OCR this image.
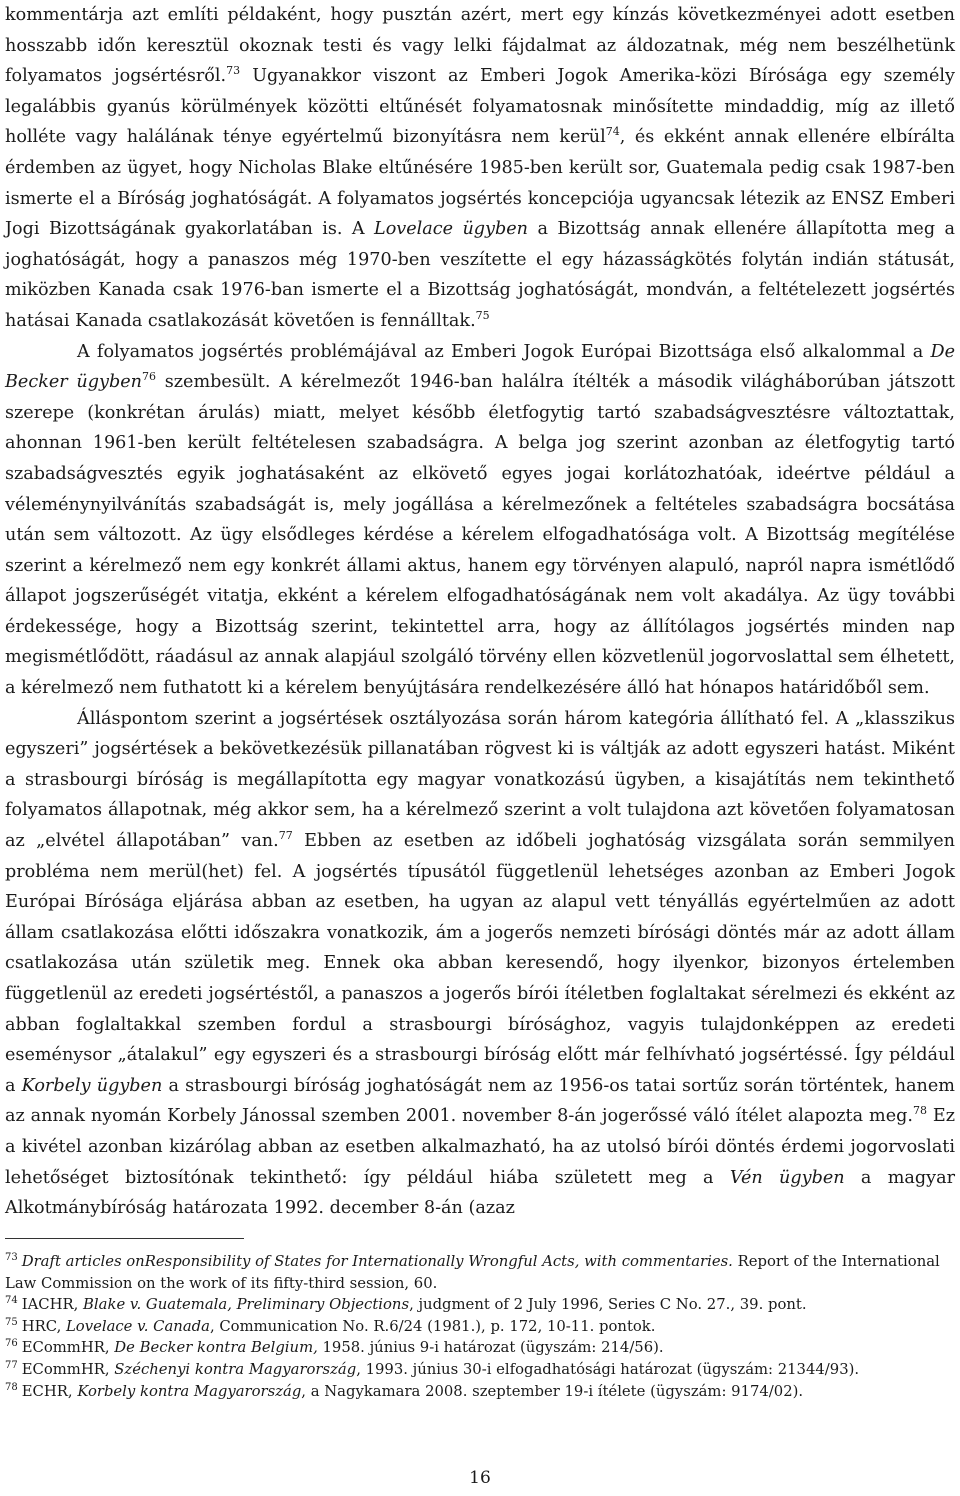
kommentárja azt említi példaként, hogy pusztán azért, mert egy kínzás következményei adott esetben hosszabb időn keresztül okoznak testi és vagy lelki fájdalmat az áldozatnak, még nem beszélhetünk folyamatos jogsértésről.$^{73}$ Ugyanakkor viszont az Emberi Jogok Amerika-közi Bírósága egy személy legalábbis gyanús körülmények közötti eltűnését folyamatosnak minősítette mindaddig, míg az illető holléte vagy halálának ténye egyértelmű bizonyításra nem kerül$^{74}$, és ekként annak ellenére elbírálta érdemben az ügyet, hogy Nicholas Blake eltűnésére 1985-ben került sor, Guatemala pedig csak 1987-ben ismerte el a Bíróság joghatóságát. A folyamatos jogsértés koncepciója ugyancsak létezik az ENSZ Emberi Jogi Bizottságának gyakorlatában is. A Lovelace ügyben a Bizottság annak ellenére állapította meg a joghatóságát, hogy a panaszos még 1970-ben veszítette el egy házasságkötés folytán indián státusát, miközben Kanada csak 1976-ban ismerte el a Bizottság joghatóságát, mondván, a feltételezett jogsértés hatásai Kanada csatlakozását követően is fennálltak.$^{75}$

A folyamatos jogsértés problémájával az Emberi Jogok Európai Bizottsága első alkalommal a De Becker ügyben$^{76}$ szembesült. A kérelmezőt 1946-ban halálra ítélték a második világháborúban játszott szerepe (konkrétan árulás) miatt, melyet később életfogytig tartó szabadságvesztésre változtattak, ahonnan 1961-ben került feltételesen szabadságra. A belga jog szerint azonban az életfogytig tartó szabadságvesztés egyik joghatásaként az elkövető egyes jogai korlátozhatóak, ideértve például a véleménynyilvánítás szabadságát is, mely jogállása a kérelmezőnek a feltételes szabadságra bocsátása után sem változott. Az ügy elsődleges kérdése a kérelem elfogadhatósága volt. A Bizottság megítélése szerint a kérelmező nem egy konkrét állami aktus, hanem egy törvényen alapuló, napról napra ismétlődő állapot jogszerűségét vitatja, ekként a kérelem elfogadhatóságának nem volt akadálya. Az ügy további érdekessége, hogy a Bizottság szerint, tekintettel arra, hogy az állítólagos jogsértés minden nap megismétlődött, ráadásul az annak alapjául szolgáló törvény ellen közvetlenül jogorvoslattal sem élhetett, a kérelmező nem futhatott ki a kérelem benyújtására rendelkezésére álló hat hónapos határidőből sem.

Álláspontom szerint a jogsértések osztályozása során három kategória állítható fel. A „klasszikus egyszeri” jogsértések a bekövetkezésük pillanatában rögvest ki is váltják az adott egyszeri hatást. Miként a strasbourgi bíróság is megállapította egy magyar vonatkozású ügyben, a kisajátítás nem tekinthető folyamatos állapotnak, még akkor sem, ha a kérelmező szerint a volt tulajdona azt követően folyamatosan az „elvétel állapotában” van.$^{77}$ Ebben az esetben az időbeli joghatóság vizsgálata során semmilyen probléma nem merül(het) fel. A jogsértés típusától függetlenül lehetséges azonban az Emberi Jogok Európai Bírósága eljárása abban az esetben, ha ugyan az alapul vett tényállás egyértelműen az adott állam csatlakozása előtti időszakra vonatkozik, ám a jogerős nemzeti bírósági döntés már az adott állam csatlakozása után születik meg. Ennek oka abban keresendő, hogy ilyenkor, bizonyos értelemben függetlenül az eredeti jogsértéstől, a panaszos a jogerős bírói ítéletben foglaltakat sérelmezi és ekként az abban foglaltakkal szemben fordul a strasbourgi bírósághoz, vagyis tulajdonképpen az eredeti eseménysor „átalakul” egy egyszeri és a strasbourgi bíróság előtt már felhívható jogsértéssé. Így például a Korbely ügyben a strasbourgi bíróság joghatóságát nem az 1956-os tatai sortűz során történtek, hanem az annak nyomán Korbely Jánossal szemben 2001. november 8-án jogerőssé váló ítélet alapozta meg.$^{78}$ Ez a kivétel azonban kizárólag abban az esetben alkalmazható, ha az utolsó bírói döntés érdemi jogorvoslati lehetőséget biztosítónak tekinthető: így például hiába született meg a Vén ügyben a magyar Alkotmánybíróság határozata 1992. december 8-án (azaz

$^{73}$ Draft articles onResponsibility of States for Internationally Wrongful Acts, with commentaries. Report of the International Law Commission on the work of its fifty-third session, 60.

$^{74}$ IACHR, Blake v. Guatemala, Preliminary Objections, judgment of 2 July 1996, Series C No. 27., 39. pont.

$^{75}$ HRC, Lovelace v. Canada, Communication No. R.6/24 (1981.), p. 172, 10-11. pontok.

$^{76}$ ECommHR, De Becker kontra Belgium, 1958. június 9-i határozat (ügyszám: 214/56).

$^{77}$ ECommHR, Széchenyi kontra Magyarország, 1993. június 30-i elfogadhatósági határozat (ügyszám: 21344/93).

$^{78}$ ECHR, Korbely kontra Magyarország, a Nagykamara 2008. szeptember 19-i ítélete (ügyszám: 9174/02).

16
